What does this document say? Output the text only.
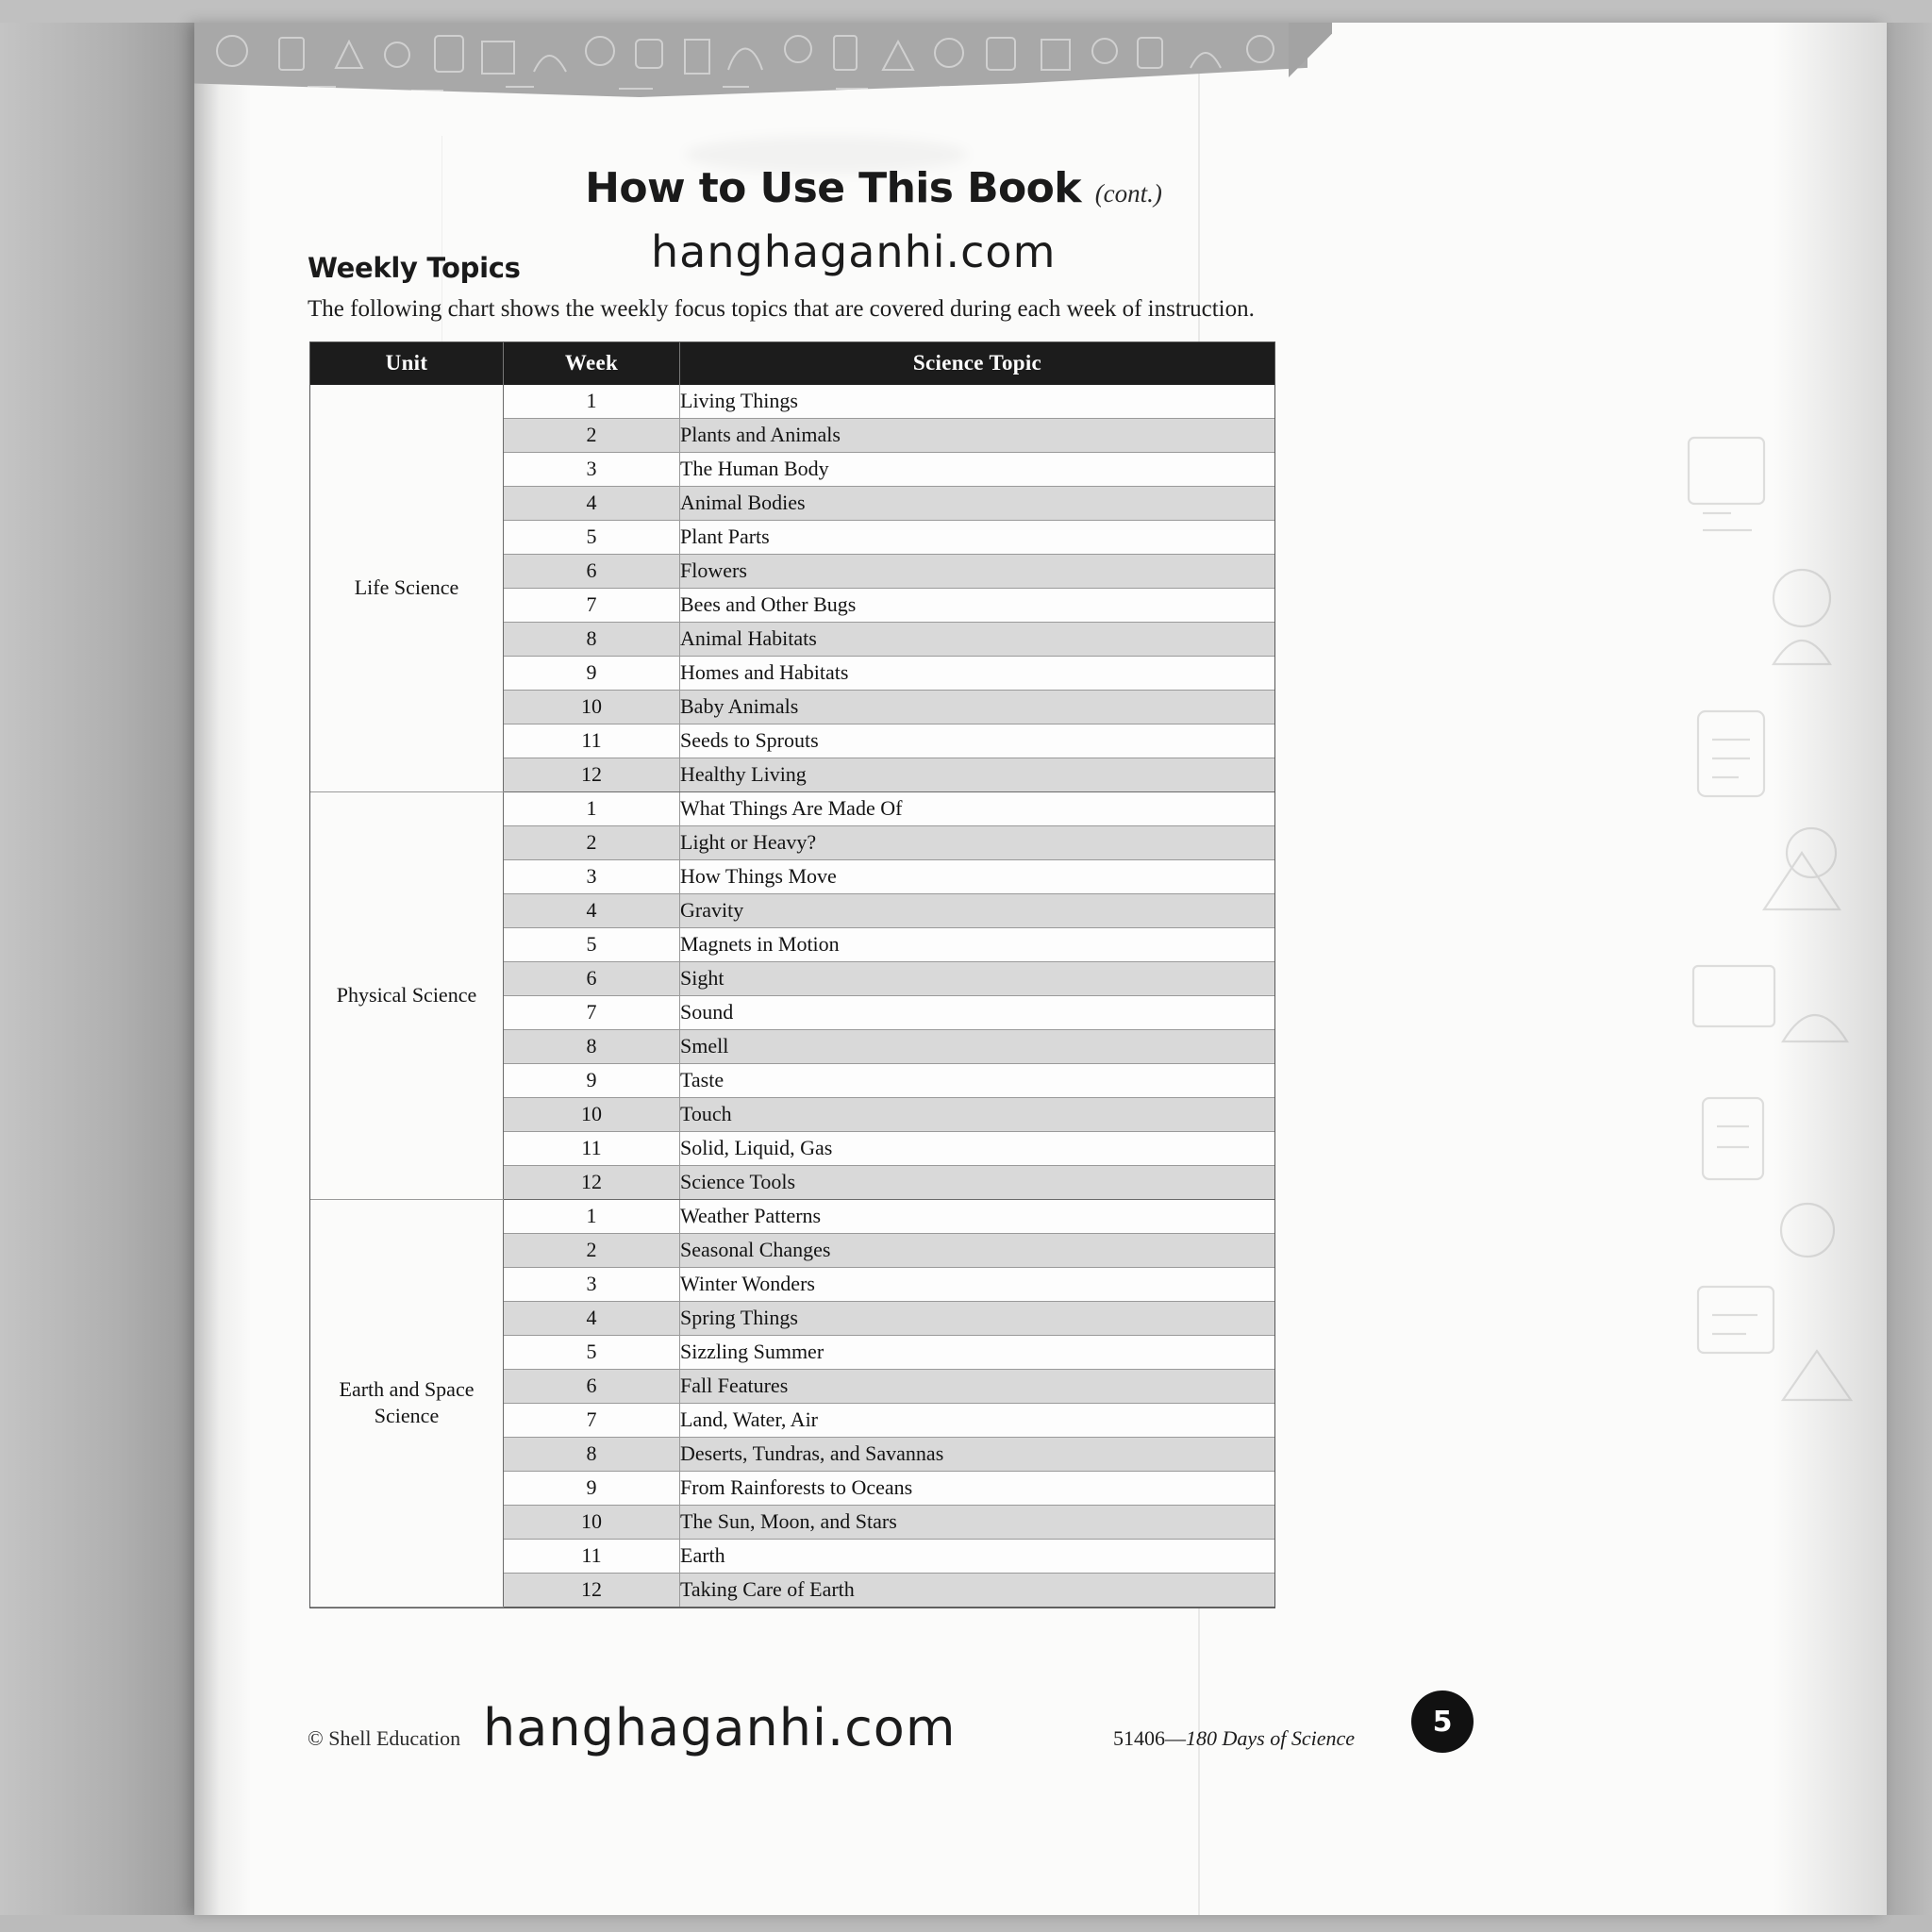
How to Use This Book (cont.)
Weekly Topics

The following chart shows the weekly focus topics that are covered during each week of instruction.

Unit	Week	Science Topic
Life Science	1	Living Things
	2	Plants and Animals
	3	The Human Body
	4	Animal Bodies
	5	Plant Parts
	6	Flowers
	7	Bees and Other Bugs
	8	Animal Habitats
	9	Homes and Habitats
	10	Baby Animals
	11	Seeds to Sprouts
	12	Healthy Living
Physical Science	1	What Things Are Made Of
	2	Light or Heavy?
	3	How Things Move
	4	Gravity
	5	Magnets in Motion
	6	Sight
	7	Sound
	8	Smell
	9	Taste
	10	Touch
	11	Solid, Liquid, Gas
	12	Science Tools
Earth and Space Science	1	Weather Patterns
	2	Seasonal Changes
	3	Winter Wonders
	4	Spring Things
	5	Sizzling Summer
	6	Fall Features
	7	Land, Water, Air
	8	Deserts, Tundras, and Savannas
	9	From Rainforests to Oceans
	10	The Sun, Moon, and Stars
	11	Earth
	12	Taking Care of Earth
© Shell Education	51406—180 Days of Science	5
hanghaganhi.com
hanghaganhi.com
